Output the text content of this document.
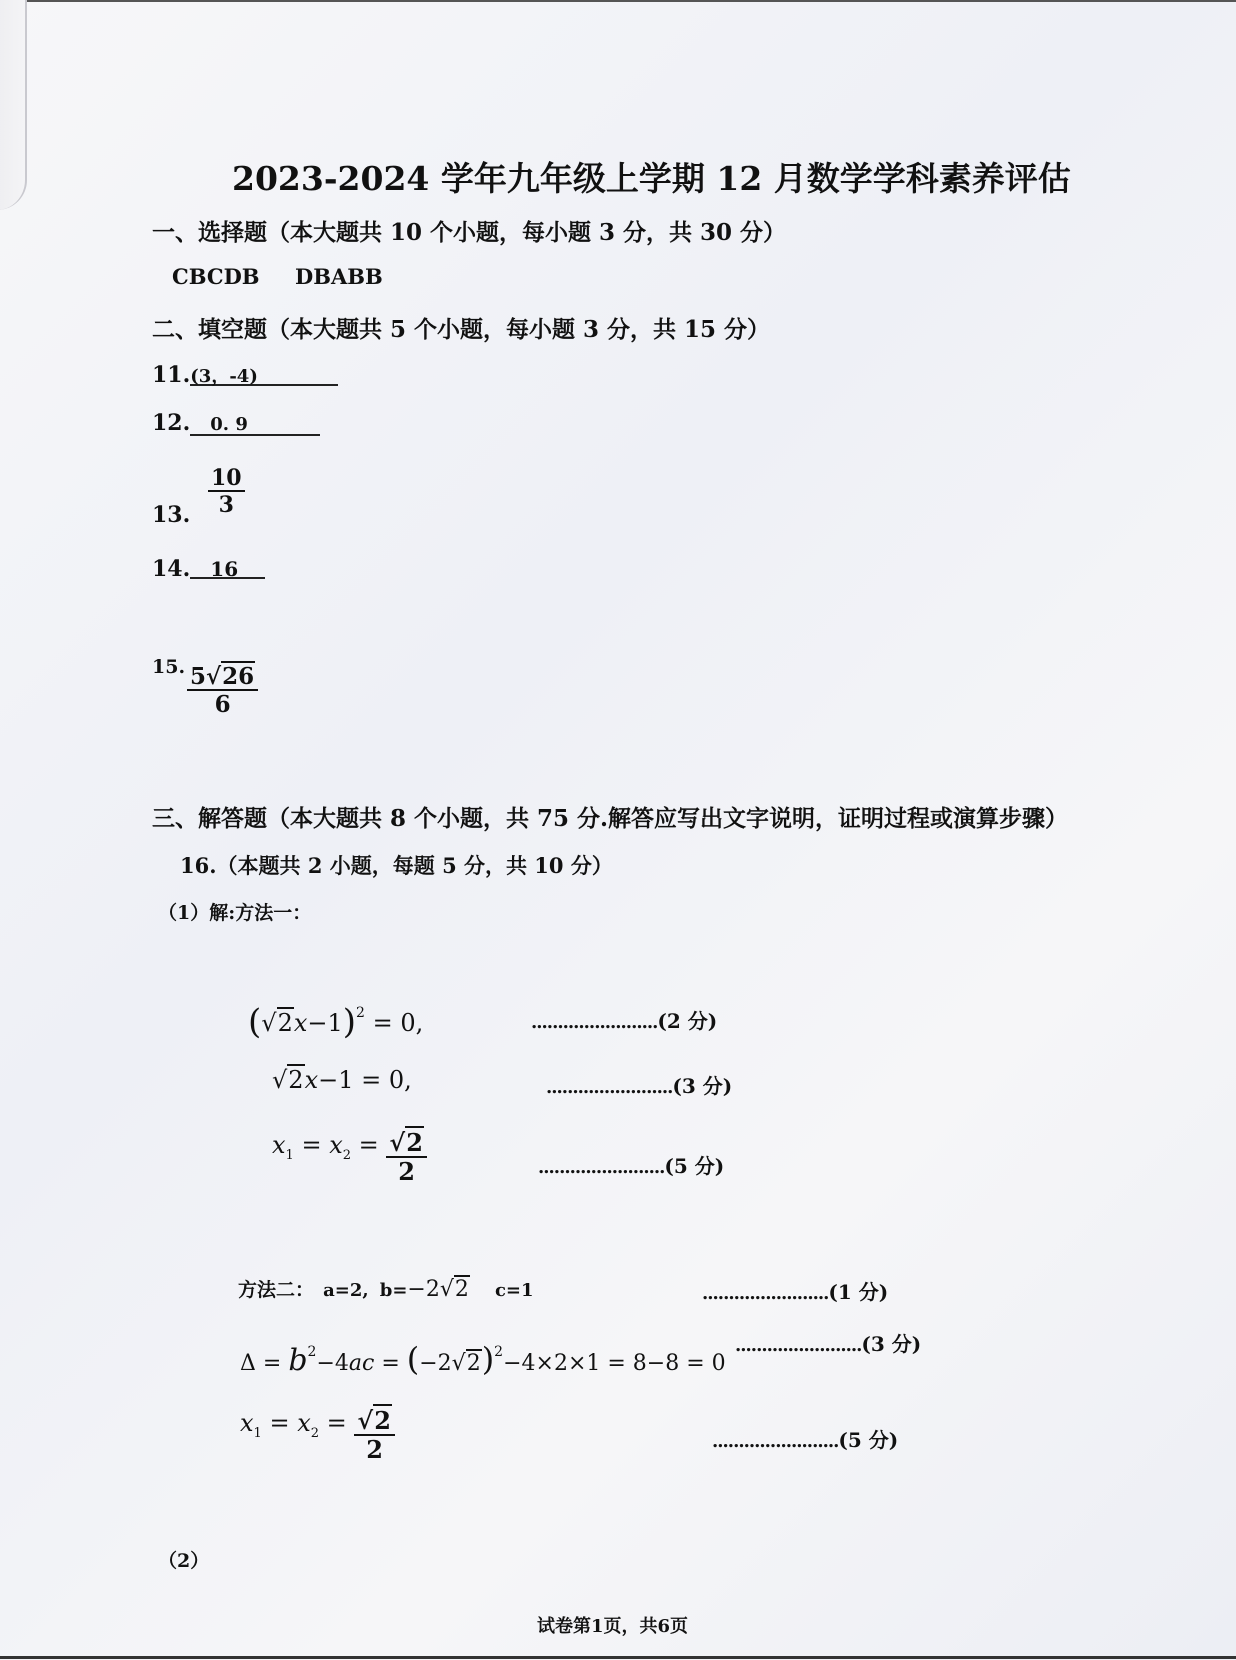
2023-2024 学年九年级上学期 12 月数学学科素养评估
一、选择题（本大题共 10 个小题，每小题 3 分，共 30 分）
CBCDB DBABB
二、填空题（本大题共 5 个小题，每小题 3 分，共 15 分）
11.(3，-4)
12. 0. 9
13. $\frac{10}{3}$
14. 16
15. $\frac{5√26}{6}$
三、解答题（本大题共 8 个小题，共 75 分.解答应写出文字说明，证明过程或演算步骤）
16.（本题共 2 小题，每题 5 分，共 10 分）
（1）解:方法一：
$(√2x-1)^2 = 0$,	........................(2 分)
√2x−1 = 0,	........................(3 分)
$x_1 = x_2 = \frac{√2}{2}$	........................(5 分)
方法二： a=2, b=−2√2 c=1	........................(1 分)
$\Delta = b^2-4ac = (-2√2)^2-4\times 2\times 1 = 8-8 = 0$
........................(3 分)
$x_1 = x_2 = \frac{√2}{2}$	........................(5 分)
（2）
试卷第1页，共6页
